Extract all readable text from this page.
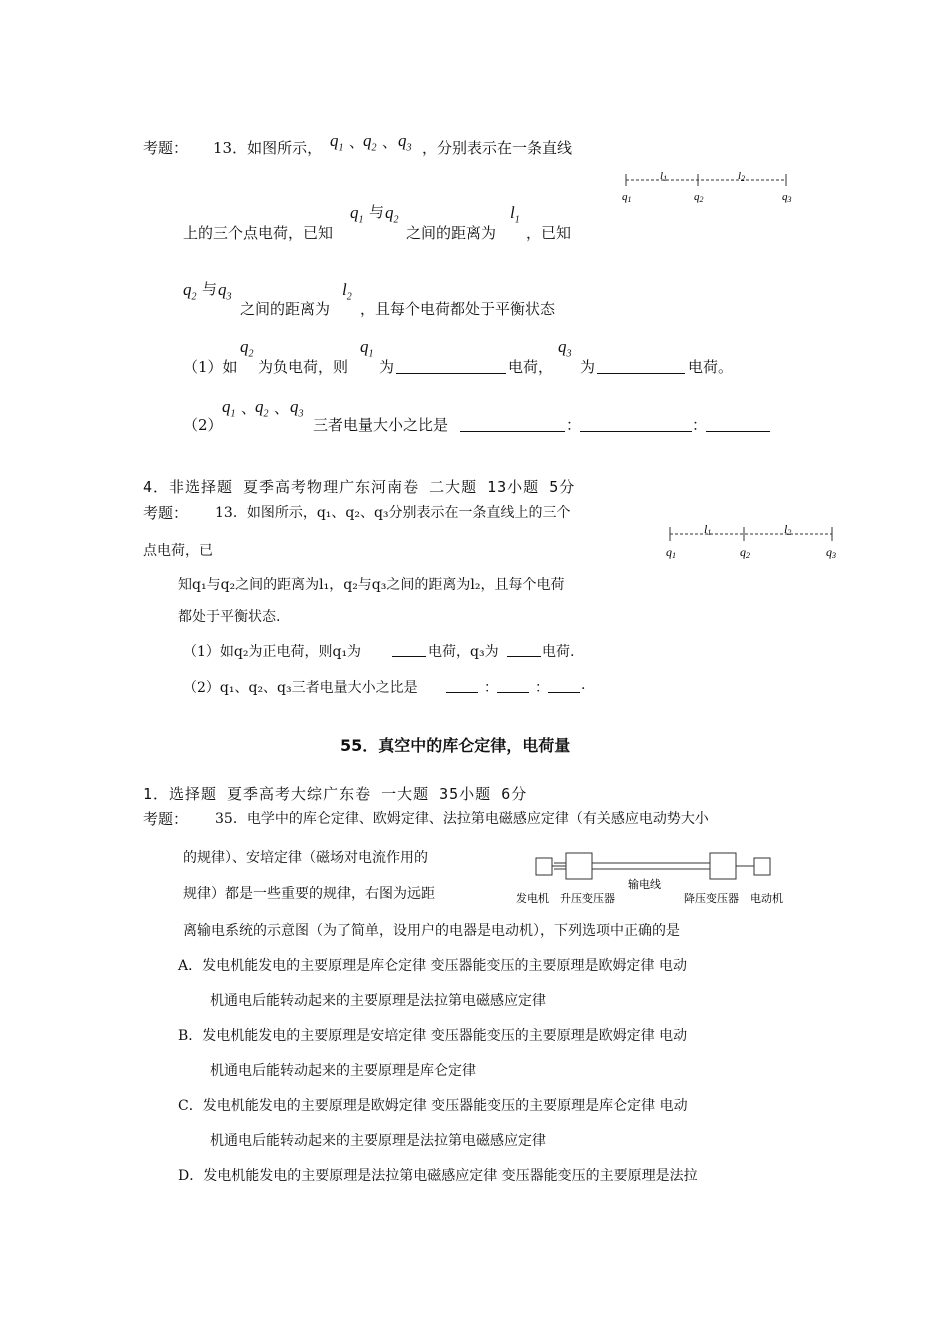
考题： 13．如图所示， $q_1$ 、
$q_2$ 、 $q_3$ ，分别表示在一条直线
l1	l2
q1	q2	q3
上的三个点电荷，已知
$q_1$ 与 $q_2$
之间的距离为
$l_1$
，已知
$q_2$ 与 $q_3$
之间的距离为
$l_2$
，且每个电荷都处于平衡状态
（1）如
$q_2$
为负电荷，则
$q_1$
为	电荷，
$q_3$
为	电荷。
（2）
$q_1$ 、
$q_2$ 、 $q_3$
三者电量大小之比是	：	：
4．非选择题 夏季高考物理广东河南卷 二大题 13小题 5分
考题： 13．如图所示，q₁、q₂、q₃分别表示在一条直线上的三个
点电荷，已
l1	l2
q1	q2	q3
知q₁与q₂之间的距离为l₁，q₂与q₃之间的距离为l₂，且每个电荷
都处于平衡状态.
（1）如q₂为正电荷，则q₁为	电荷，q₃为	电荷.
（2）q₁、q₂、q₃三者电量大小之比是	：	： .
55．真空中的库仑定律，电荷量
1．选择题 夏季高考大综广东卷 一大题 35小题 6分
考题： 35．电学中的库仑定律、欧姆定律、法拉第电磁感应定律（有关感应电动势大小
的规律）、安培定律（磁场对电流作用的
规律）都是一些重要的规律，右图为远距
输电线
发电机 升压变压器	降压变压器 电动机
离输电系统的示意图（为了简单，设用户的电器是电动机），下列选项中正确的是
A．发电机能发电的主要原理是库仑定律 变压器能变压的主要原理是欧姆定律 电动
机通电后能转动起来的主要原理是法拉第电磁感应定律
B．发电机能发电的主要原理是安培定律 变压器能变压的主要原理是欧姆定律 电动
机通电后能转动起来的主要原理是库仑定律
C．发电机能发电的主要原理是欧姆定律 变压器能变压的主要原理是库仑定律 电动
机通电后能转动起来的主要原理是法拉第电磁感应定律
D．发电机能发电的主要原理是法拉第电磁感应定律 变压器能变压的主要原理是法拉
